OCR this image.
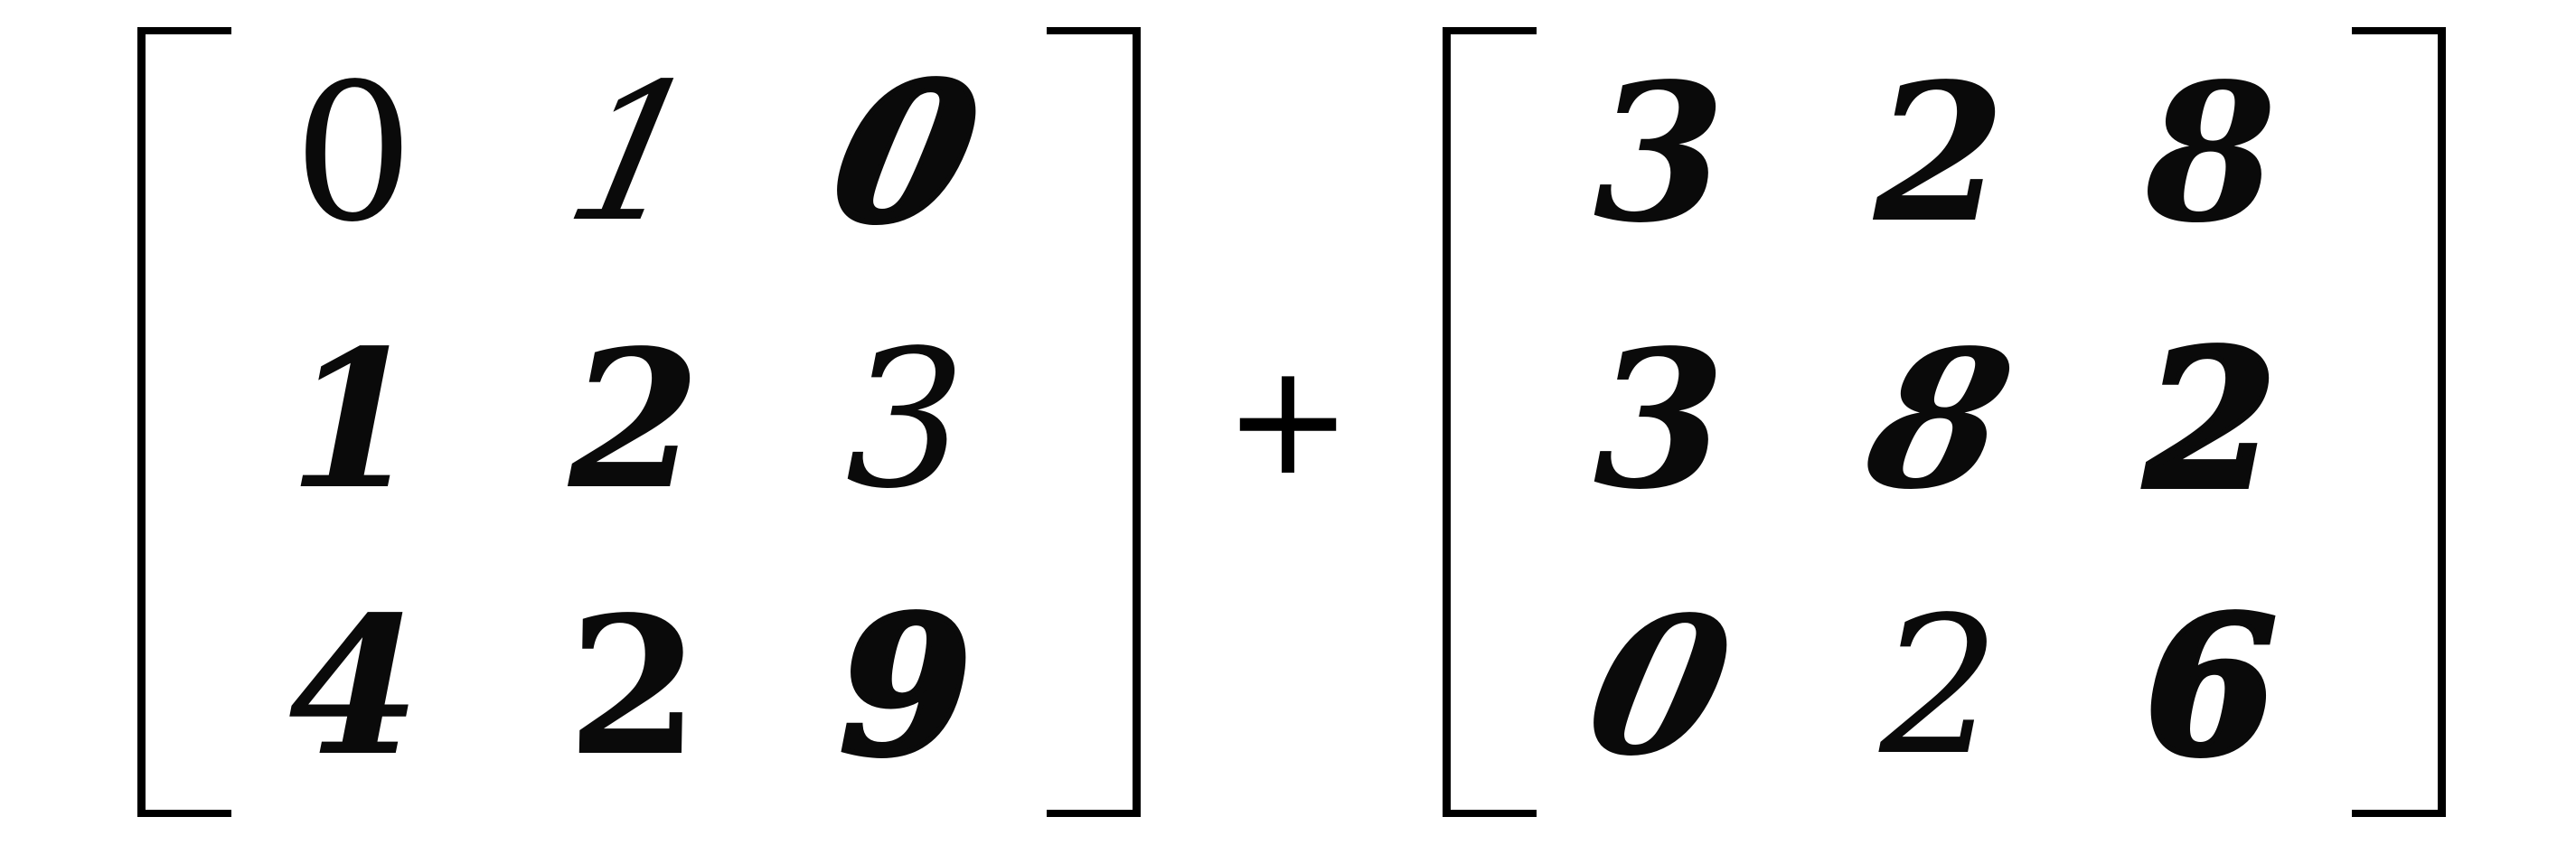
0 1 0
1 2 3
4 2 9
+
3 2 8
3 8 2
0 2 6
